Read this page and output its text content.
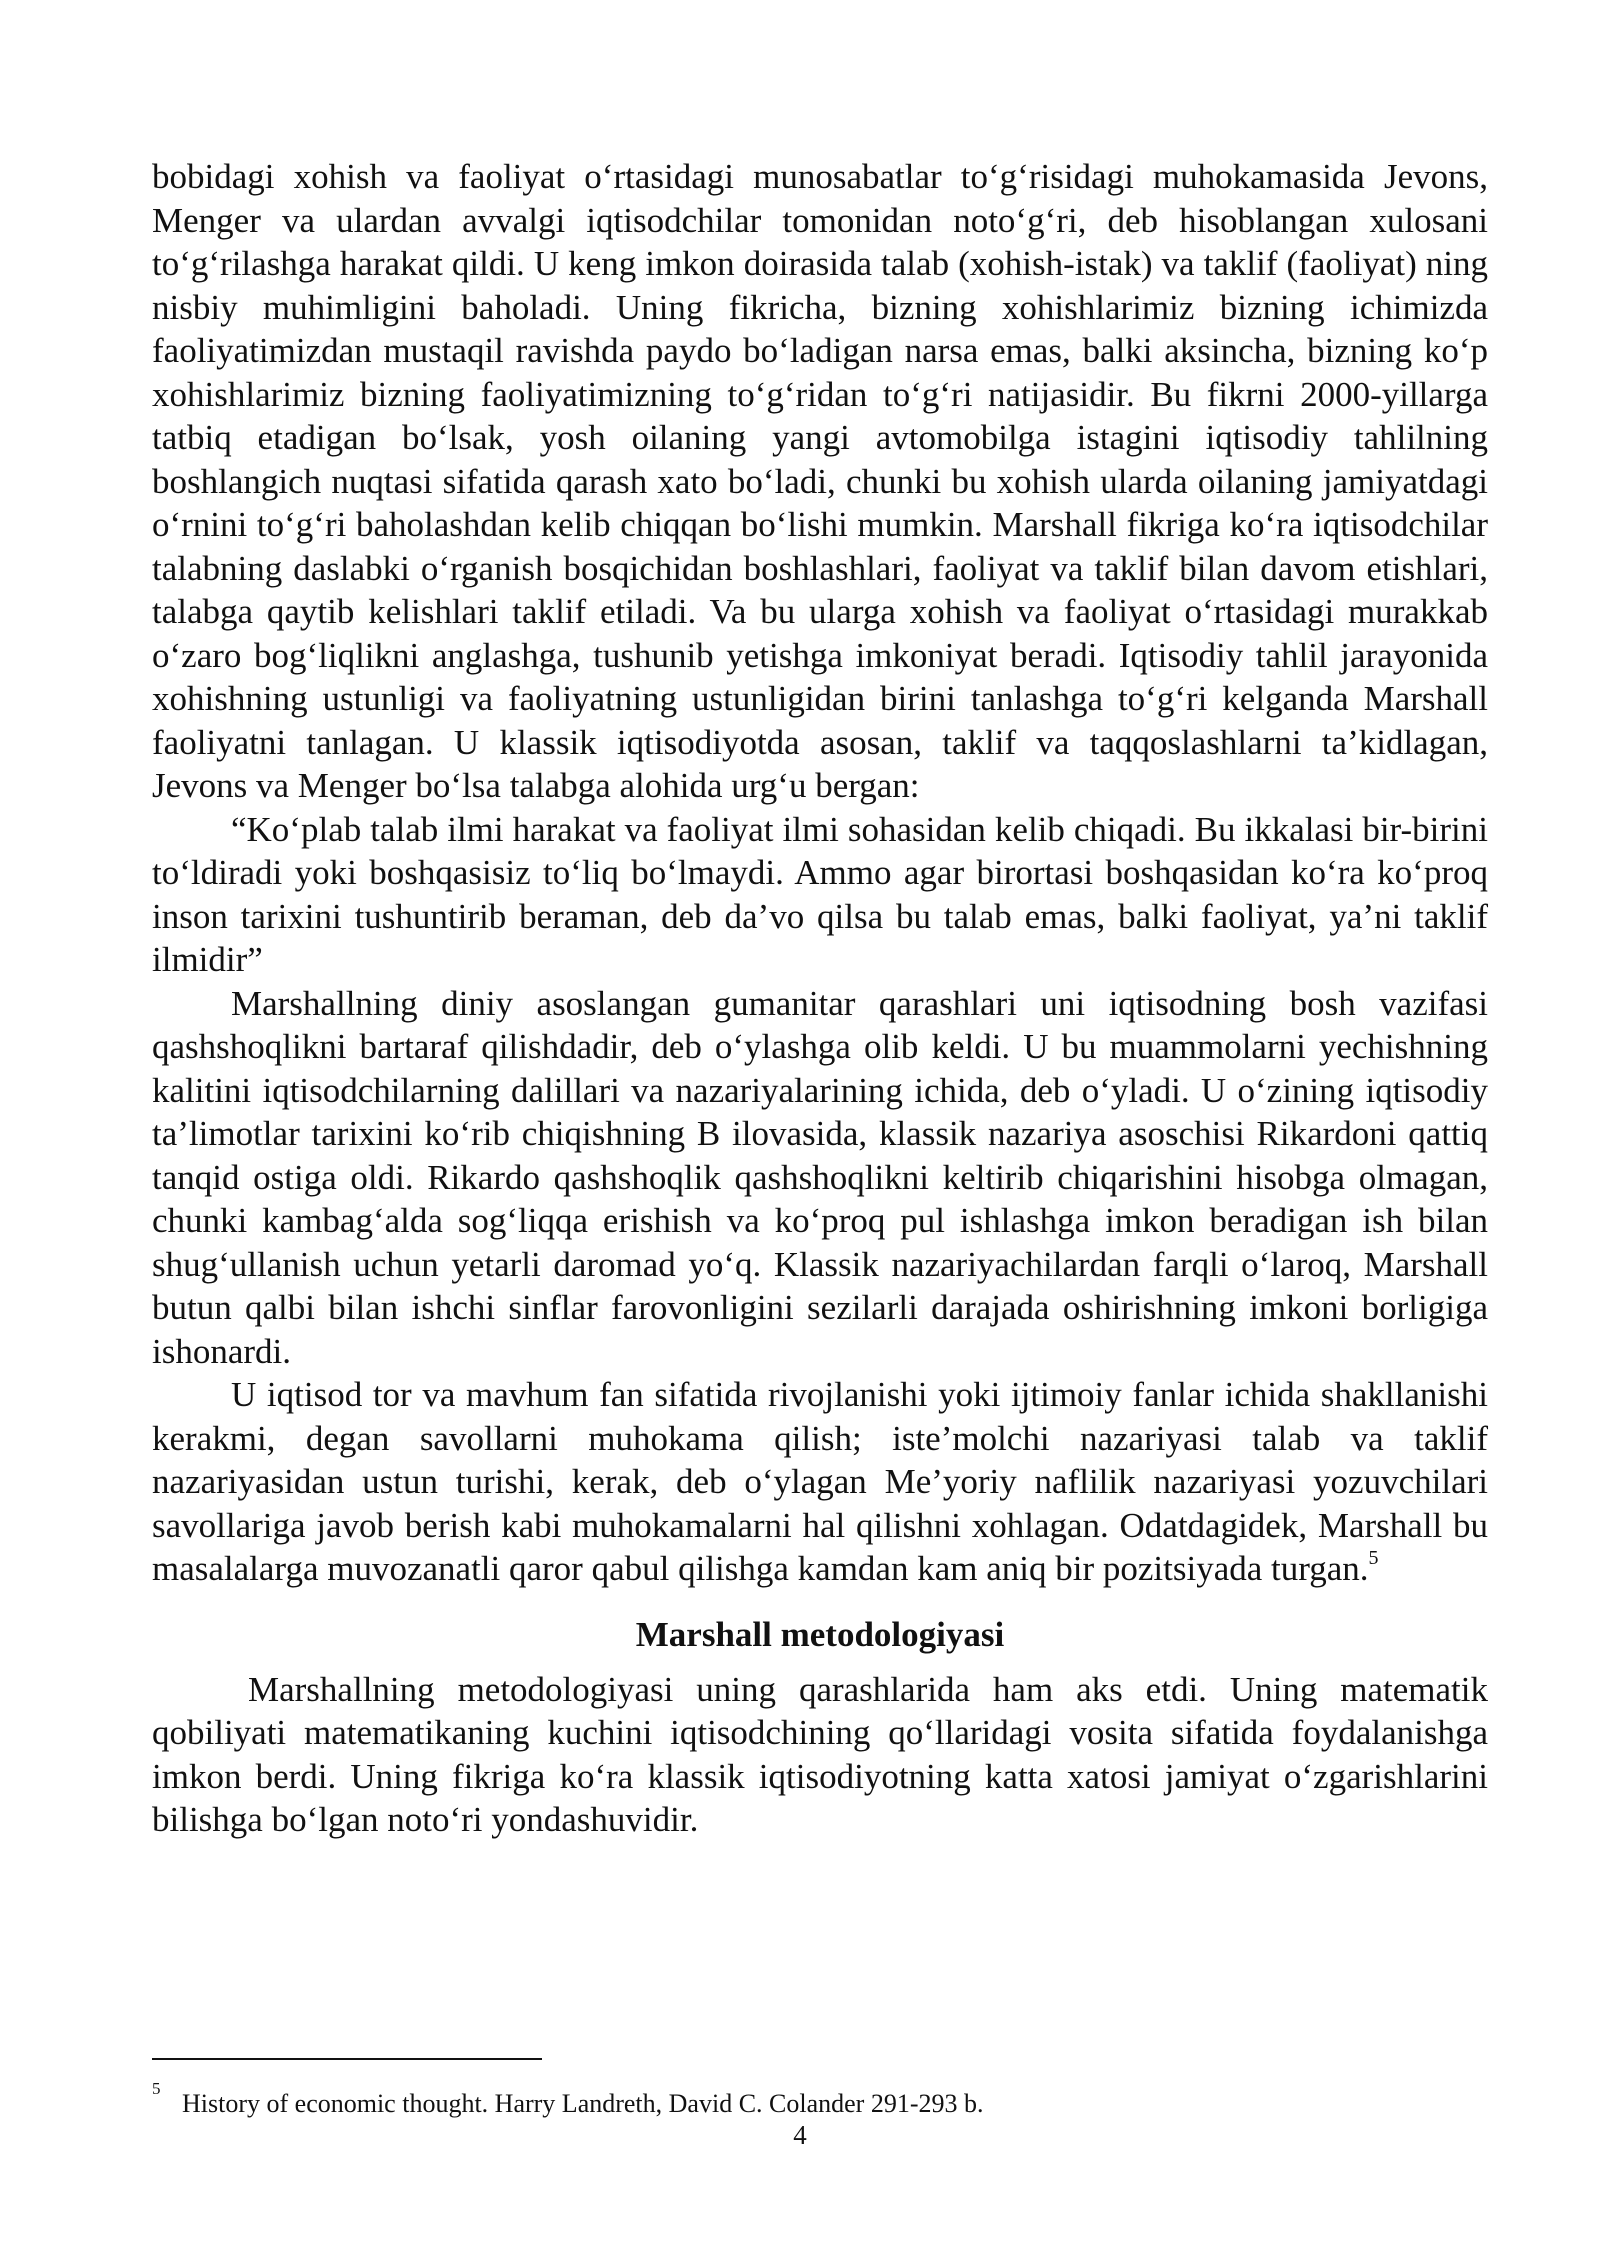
bobidagi xohish va faoliyat o‘rtasidagi munosabatlar to‘g‘risidagi muhokamasida Jevons, Menger va ulardan avvalgi iqtisodchilar tomonidan noto‘g‘ri, deb hisoblangan xulosani to‘g‘rilashga harakat qildi. U keng imkon doirasida talab (xohish-istak) va taklif (faoliyat) ning nisbiy muhimligini baholadi. Uning fikricha, bizning xohishlarimiz bizning ichimizda faoliyatimizdan mustaqil ravishda paydo bo‘ladigan narsa emas, balki aksincha, bizning ko‘p xohishlarimiz bizning faoliyatimizning to‘g‘ridan to‘g‘ri natijasidir. Bu fikrni 2000-yillarga tatbiq etadigan bo‘lsak, yosh oilaning yangi avtomobilga istagini iqtisodiy tahlilning boshlangich nuqtasi sifatida qarash xato bo‘ladi, chunki bu xohish ularda oilaning jamiyatdagi o‘rnini to‘g‘ri baholashdan kelib chiqqan bo‘lishi mumkin. Marshall fikriga ko‘ra iqtisodchilar talabning daslabki o‘rganish bosqichidan boshlashlari, faoliyat va taklif bilan davom etishlari, talabga qaytib kelishlari taklif etiladi. Va bu ularga xohish va faoliyat o‘rtasidagi murakkab o‘zaro bog‘liqlikni anglashga, tushunib yetishga imkoniyat beradi. Iqtisodiy tahlil jarayonida xohishning ustunligi va faoliyatning ustunligidan birini tanlashga to‘g‘ri kelganda Marshall faoliyatni tanlagan. U klassik iqtisodiyotda asosan, taklif va taqqoslashlarni ta’kidlagan, Jevons va Menger bo‘lsa talabga alohida urg‘u bergan:

“Ko‘plab talab ilmi harakat va faoliyat ilmi sohasidan kelib chiqadi. Bu ikkalasi bir-birini to‘ldiradi yoki boshqasisiz to‘liq bo‘lmaydi. Ammo agar birortasi boshqasidan ko‘ra ko‘proq inson tarixini tushuntirib beraman, deb da’vo qilsa bu talab emas, balki faoliyat, ya’ni taklif ilmidir”

Marshallning diniy asoslangan gumanitar qarashlari uni iqtisodning bosh vazifasi qashshoqlikni bartaraf qilishdadir, deb o‘ylashga olib keldi. U bu muammolarni yechishning kalitini iqtisodchilarning dalillari va nazariyalarining ichida, deb o‘yladi. U o‘zining iqtisodiy ta’limotlar tarixini ko‘rib chiqishning B ilovasida, klassik nazariya asoschisi Rikardoni qattiq tanqid ostiga oldi. Rikardo qashshoqlik qashshoqlikni keltirib chiqarishini hisobga olmagan, chunki kambag‘alda sog‘liqqa erishish va ko‘proq pul ishlashga imkon beradigan ish bilan shug‘ullanish uchun yetarli daromad yo‘q. Klassik nazariyachilardan farqli o‘laroq, Marshall butun qalbi bilan ishchi sinflar farovonligini sezilarli darajada oshirishning imkoni borligiga ishonardi.

U iqtisod tor va mavhum fan sifatida rivojlanishi yoki ijtimoiy fanlar ichida shakllanishi kerakmi, degan savollarni muhokama qilish; iste’molchi nazariyasi talab va taklif nazariyasidan ustun turishi, kerak, deb o‘ylagan Me’yoriy naflilik nazariyasi yozuvchilari savollariga javob berish kabi muhokamalarni hal qilishni xohlagan. Odatdagidek, Marshall bu masalalarga muvozanatli qaror qabul qilishga kamdan kam aniq bir pozitsiyada turgan.$^5$

Marshall metodologiyasi

Marshallning metodologiyasi uning qarashlarida ham aks etdi. Uning matematik qobiliyati matematikaning kuchini iqtisodchining qo‘llaridagi vosita sifatida foydalanishga imkon berdi. Uning fikriga ko‘ra klassik iqtisodiyotning katta xatosi jamiyat o‘zgarishlarini bilishga bo‘lgan noto‘ri yondashuvidir.

5
History of economic thought. Harry Landreth, David C. Colander 291-293 b.
4
